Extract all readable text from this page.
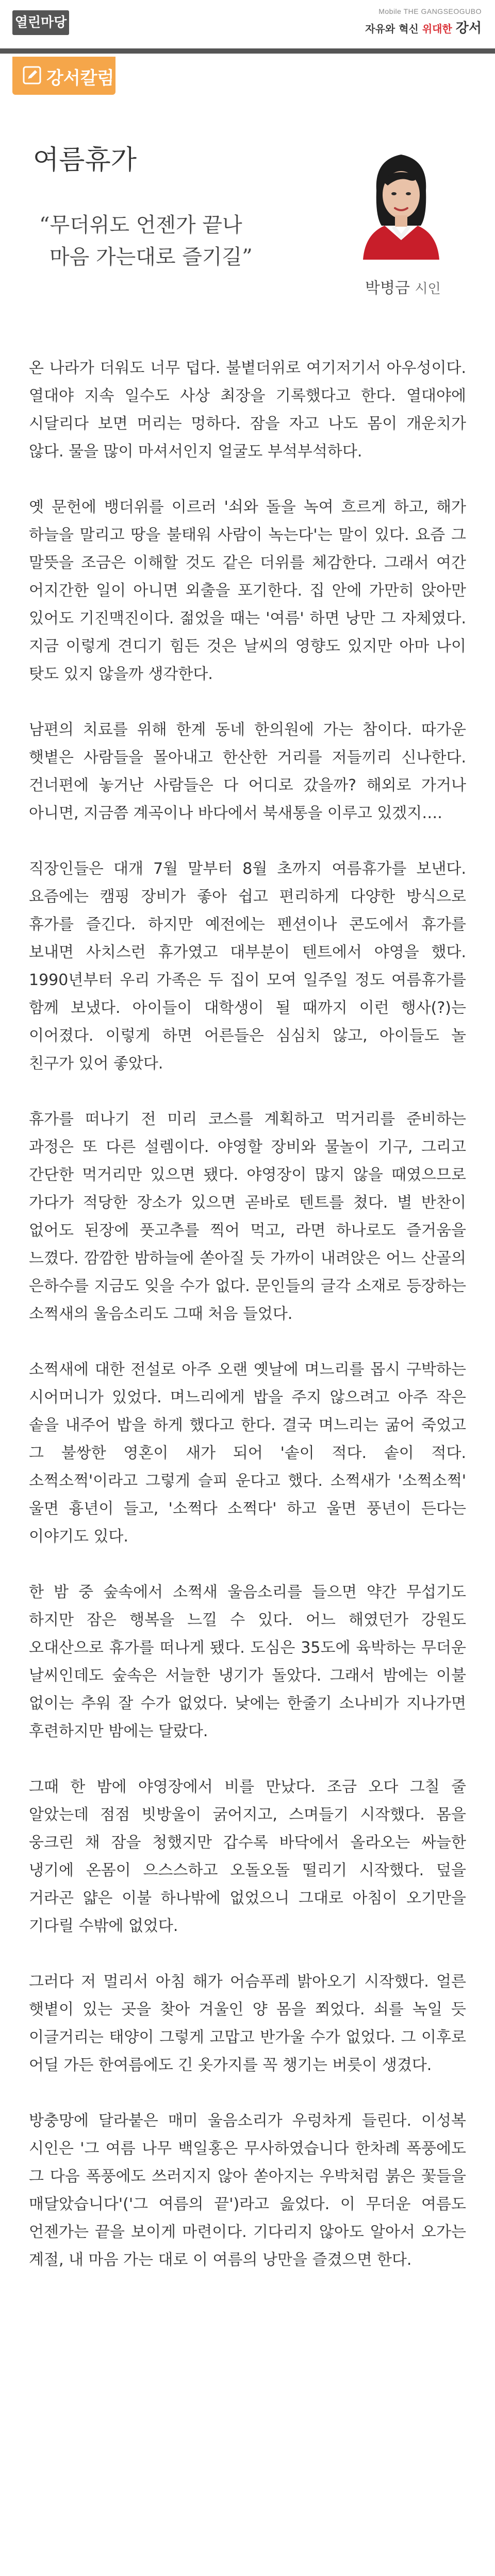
열린마당
Mobile THE GANGSEOGUBO
자유와 혁신 위대한 강서
강서칼럼
여름휴가
“무더위도 언젠가 끝나
마음 가는대로 즐기길”
박병금 시인

온 나라가 더워도 너무 덥다. 불볕더위로 여기저기서 아우성이다. 열대야 지속 일수도 사상 최장을 기록했다고 한다. 열대야에 시달리다 보면 머리는 멍하다. 잠을 자고 나도 몸이 개운치가 않다. 물을 많이 마셔서인지 얼굴도 부석부석하다.

옛 문헌에 뱅더위를 이르러 '쇠와 돌을 녹여 흐르게 하고, 해가 하늘을 말리고 땅을 불태워 사람이 녹는다'는 말이 있다. 요즘 그 말뜻을 조금은 이해할 것도 같은 더위를 체감한다. 그래서 여간 어지간한 일이 아니면 외출을 포기한다. 집 안에 가만히 앉아만 있어도 기진맥진이다. 젊었을 때는 '여름' 하면 낭만 그 자체였다. 지금 이렇게 견디기 힘든 것은 날씨의 영향도 있지만 아마 나이 탓도 있지 않을까 생각한다.

남편의 치료를 위해 한계 동네 한의원에 가는 참이다. 따가운 햇볕은 사람들을 몰아내고 한산한 거리를 저들끼리 신나한다. 건너편에 놓거난 사람들은 다 어디로 갔을까? 해외로 가거나 아니면, 지금쯤 계곡이나 바다에서 북새통을 이루고 있겠지….

직장인들은 대개 7월 말부터 8월 초까지 여름휴가를 보낸다. 요즘에는 캠핑 장비가 좋아 쉽고 편리하게 다양한 방식으로 휴가를 즐긴다. 하지만 예전에는 펜션이나 콘도에서 휴가를 보내면 사치스런 휴가였고 대부분이 텐트에서 야영을 했다. 1990년부터 우리 가족은 두 집이 모여 일주일 정도 여름휴가를 함께 보냈다. 아이들이 대학생이 될 때까지 이런 행사(?)는 이어졌다. 이렇게 하면 어른들은 심심치 않고, 아이들도 놀 친구가 있어 좋았다.

휴가를 떠나기 전 미리 코스를 계획하고 먹거리를 준비하는 과정은 또 다른 설렘이다. 야영할 장비와 물놀이 기구, 그리고 간단한 먹거리만 있으면 됐다. 야영장이 많지 않을 때였으므로 가다가 적당한 장소가 있으면 곧바로 텐트를 쳤다. 별 반찬이 없어도 된장에 풋고추를 찍어 먹고, 라면 하나로도 즐거움을 느꼈다. 깜깜한 밤하늘에 쏟아질 듯 가까이 내려앉은 어느 산골의 은하수를 지금도 잊을 수가 없다. 문인들의 글각 소재로 등장하는 소쩍새의 울음소리도 그때 처음 들었다.

소쩍새에 대한 전설로 아주 오랜 옛날에 며느리를 몹시 구박하는 시어머니가 있었다. 며느리에게 밥을 주지 않으려고 아주 작은 솥을 내주어 밥을 하게 했다고 한다. 결국 며느리는 굶어 죽었고 그 불쌍한 영혼이 새가 되어 '솥이 적다. 솥이 적다. 소쩍소쩍'이라고 그렇게 슬피 운다고 했다. 소쩍새가 '소쩍소쩍' 울면 흉년이 들고, '소쩍다 소쩍다' 하고 울면 풍년이 든다는 이야기도 있다.

한 밤 중 숲속에서 소쩍새 울음소리를 들으면 약간 무섭기도 하지만 잠은 행복을 느낄 수 있다. 어느 해였던가 강원도 오대산으로 휴가를 떠나게 됐다. 도심은 35도에 육박하는 무더운 날씨인데도 숲속은 서늘한 냉기가 돌았다. 그래서 밤에는 이불 없이는 추워 잘 수가 없었다. 낮에는 한줄기 소나비가 지나가면 후련하지만 밤에는 달랐다.

그때 한 밤에 야영장에서 비를 만났다. 조금 오다 그칠 줄 알았는데 점점 빗방울이 굵어지고, 스며들기 시작했다. 몸을 웅크린 채 잠을 청했지만 갑수록 바닥에서 올라오는 싸늘한 냉기에 온몸이 으스스하고 오돌오돌 떨리기 시작했다. 덮을 거라곤 얇은 이불 하나밖에 없었으니 그대로 아침이 오기만을 기다릴 수밖에 없었다.

그러다 저 멀리서 아침 해가 어슴푸레 밝아오기 시작했다. 얼른 햇볕이 있는 곳을 찾아 겨울인 양 몸을 쬐었다. 쇠를 녹일 듯 이글거리는 태양이 그렇게 고맙고 반가울 수가 없었다. 그 이후로 어딜 가든 한여름에도 긴 옷가지를 꼭 챙기는 버릇이 생겼다.

방충망에 달라붙은 매미 울음소리가 우렁차게 들린다. 이성복 시인은 '그 여름 나무 백일홍은 무사하였습니다 한차례 폭풍에도 그 다음 폭풍에도 쓰러지지 않아 쏟아지는 우박처럼 붉은 꽃들을 매달았습니다'('그 여름의 끝')라고 읊었다. 이 무더운 여름도 언젠가는 끝을 보이게 마련이다. 기다리지 않아도 알아서 오가는 계절, 내 마음 가는 대로 이 여름의 낭만을 즐겼으면 한다.
